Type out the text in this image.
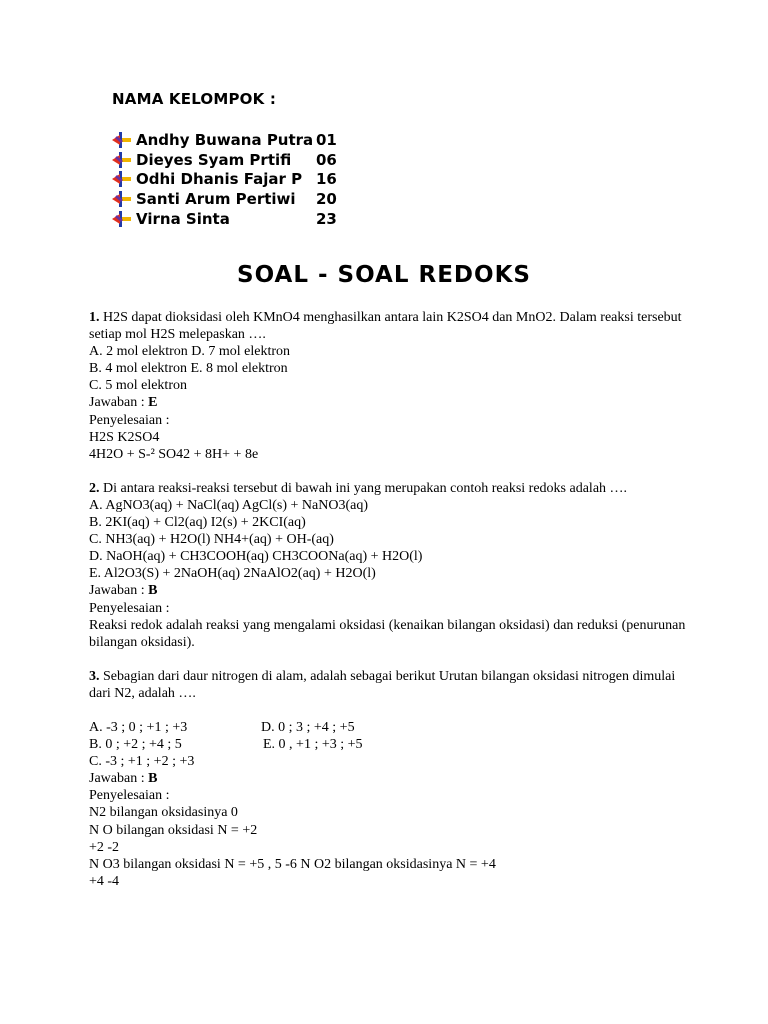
NAMA KELOMPOK :

Andhy Buwana Putra 01
Dieyes Syam Prtifi	06
Odhi Dhanis Fajar P 16
Santi Arum Pertiwi	20
Virna Sinta	23
SOAL - SOAL REDOKS

1. H2S dapat dioksidasi oleh KMnO4 menghasilkan antara lain K2SO4 dan MnO2. Dalam reaksi tersebut setiap mol H2S melepaskan ….

A. 2 mol elektron D. 7 mol elektron

B. 4 mol elektron E. 8 mol elektron

C. 5 mol elektron

Jawaban : E

Penyelesaian :

H2S K2SO4

4H2O + S-² SO42 + 8H+ + 8e

2. Di antara reaksi-reaksi tersebut di bawah ini yang merupakan contoh reaksi redoks adalah ….

A. AgNO3(aq) + NaCl(aq) AgCl(s) + NaNO3(aq)

B. 2KI(aq) + Cl2(aq) I2(s) + 2KCI(aq)

C. NH3(aq) + H2O(l) NH4+(aq) + OH-(aq)

D. NaOH(aq) + CH3COOH(aq) CH3COONa(aq) + H2O(l)

E. Al2O3(S) + 2NaOH(aq) 2NaAlO2(aq) + H2O(l)

Jawaban : B

Penyelesaian :

Reaksi redok adalah reaksi yang mengalami oksidasi (kenaikan bilangan oksidasi) dan reduksi (penurunan bilangan oksidasi).

3. Sebagian dari daur nitrogen di alam, adalah sebagai berikut Urutan bilangan oksidasi nitrogen dimulai dari N2, adalah ….

A. -3 ; 0 ; +1 ; +3	D. 0 ; 3 ; +4 ; +5
B. 0 ; +2 ; +4 ; 5	E. 0 , +1 ; +3 ; +5

C. -3 ; +1 ; +2 ; +3

Jawaban : B

Penyelesaian :

N2 bilangan oksidasinya 0

N O bilangan oksidasi N = +2

+2 -2

N O3 bilangan oksidasi N = +5 , 5 -6 N O2 bilangan oksidasinya N = +4

+4 -4
